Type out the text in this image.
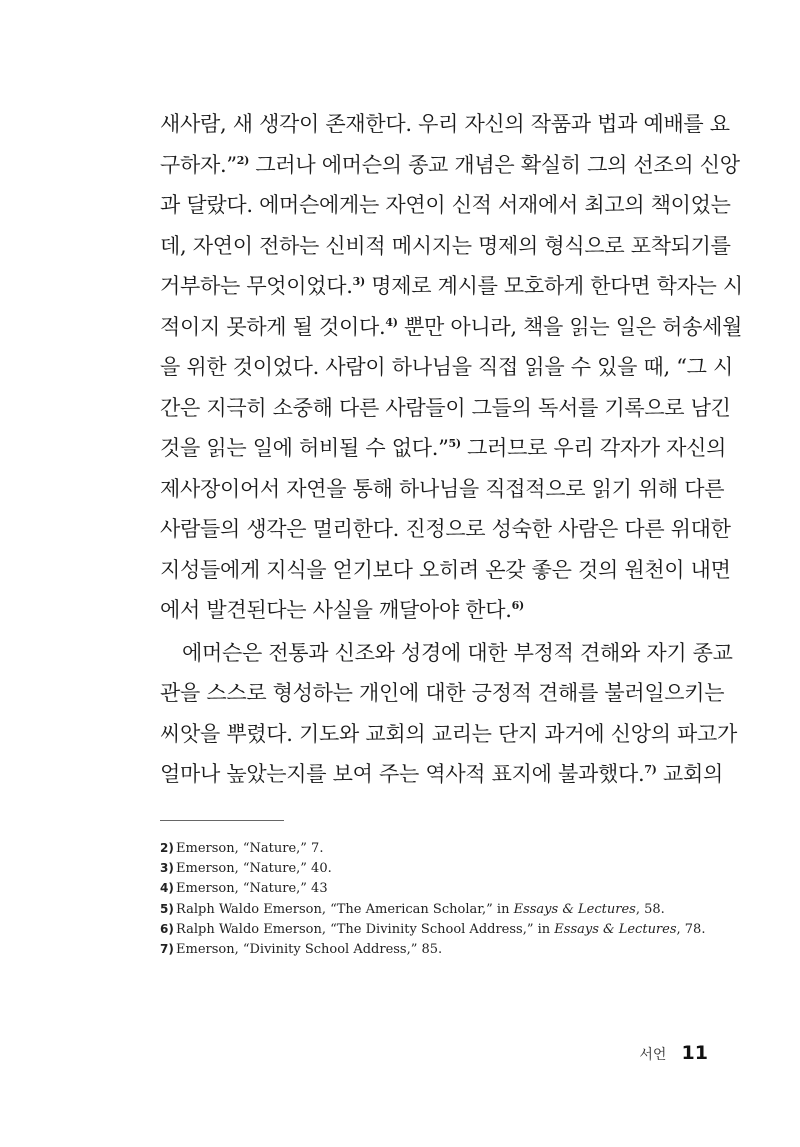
새사람, 새 생각이 존재한다. 우리 자신의 작품과 법과 예배를 요
구하자.”$^{2)}$ 그러나 에머슨의 종교 개념은 확실히 그의 선조의 신앙
과 달랐다. 에머슨에게는 자연이 신적 서재에서 최고의 책이었는
데, 자연이 전하는 신비적 메시지는 명제의 형식으로 포착되기를
거부하는 무엇이었다.$^{3)}$ 명제로 계시를 모호하게 한다면 학자는 시
적이지 못하게 될 것이다.$^{4)}$ 뿐만 아니라, 책을 읽는 일은 허송세월
을 위한 것이었다. 사람이 하나님을 직접 읽을 수 있을 때, “그 시
간은 지극히 소중해 다른 사람들이 그들의 독서를 기록으로 남긴
것을 읽는 일에 허비될 수 없다.”$^{5)}$ 그러므로 우리 각자가 자신의
제사장이어서 자연을 통해 하나님을 직접적으로 읽기 위해 다른
사람들의 생각은 멀리한다. 진정으로 성숙한 사람은 다른 위대한
지성들에게 지식을 얻기보다 오히려 온갖 좋은 것의 원천이 내면
에서 발견된다는 사실을 깨달아야 한다.$^{6)}$
에머슨은 전통과 신조와 성경에 대한 부정적 견해와 자기 종교
관을 스스로 형성하는 개인에 대한 긍정적 견해를 불러일으키는
씨앗을 뿌렸다. 기도와 교회의 교리는 단지 과거에 신앙의 파고가
얼마나 높았는지를 보여 주는 역사적 표지에 불과했다.$^{7)}$ 교회의
2) Emerson, “Nature,” 7.
3) Emerson, “Nature,” 40.
4) Emerson, “Nature,” 43
5) Ralph Waldo Emerson, “The American Scholar,” in Essays & Lectures, 58.
6) Ralph Waldo Emerson, “The Divinity School Address,” in Essays & Lectures, 78.
7) Emerson, “Divinity School Address,” 85.
서언 11
